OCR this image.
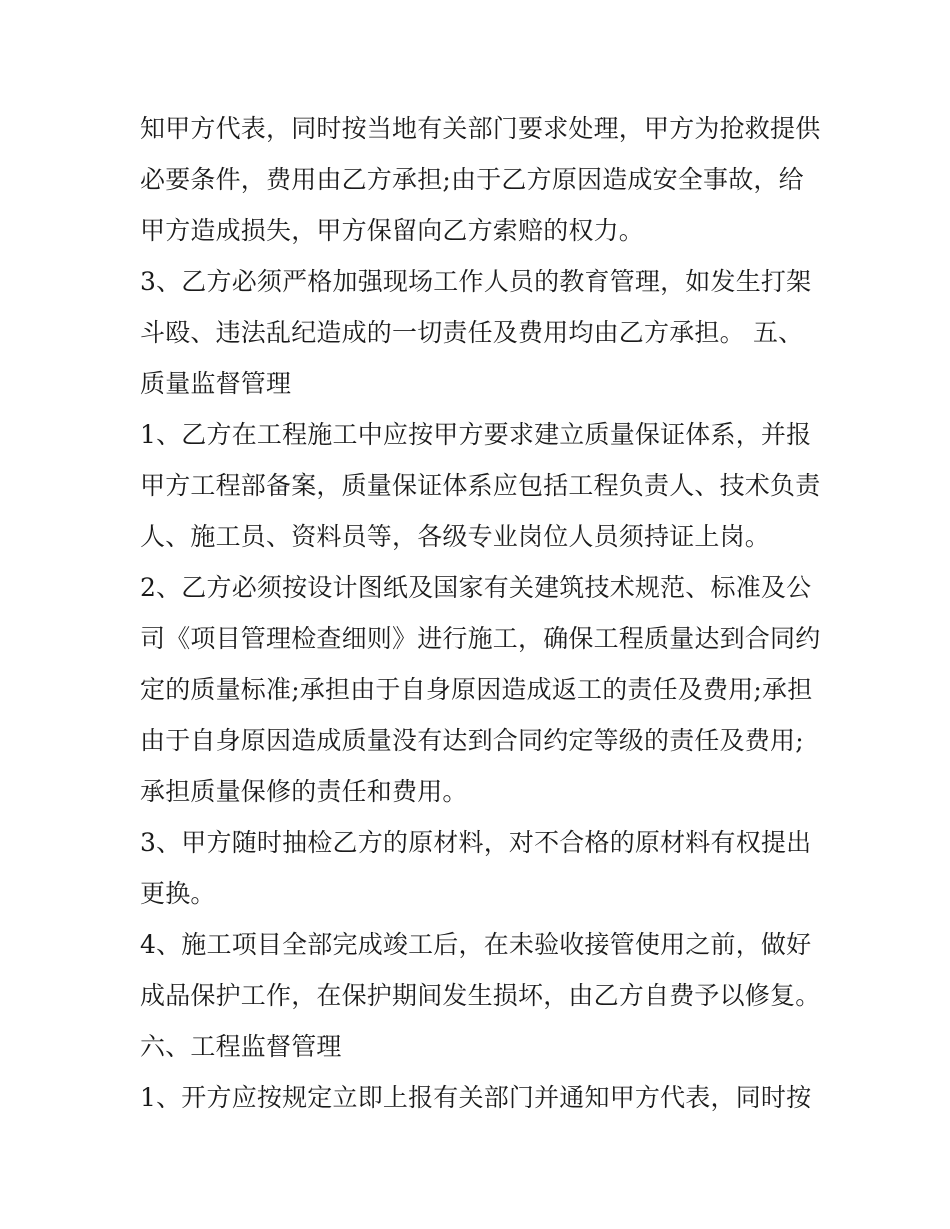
知甲方代表，同时按当地有关部门要求处理，甲方为抢救提供
必要条件，费用由乙方承担;由于乙方原因造成安全事故，给
甲方造成损失，甲方保留向乙方索赔的权力。
3、乙方必须严格加强现场工作人员的教育管理，如发生打架
斗殴、违法乱纪造成的一切责任及费用均由乙方承担。 五、
质量监督管理
1、乙方在工程施工中应按甲方要求建立质量保证体系，并报
甲方工程部备案，质量保证体系应包括工程负责人、技术负责
人、施工员、资料员等，各级专业岗位人员须持证上岗。
2、乙方必须按设计图纸及国家有关建筑技术规范、标准及公
司《项目管理检查细则》进行施工，确保工程质量达到合同约
定的质量标准;承担由于自身原因造成返工的责任及费用;承担
由于自身原因造成质量没有达到合同约定等级的责任及费用;
承担质量保修的责任和费用。
3、甲方随时抽检乙方的原材料，对不合格的原材料有权提出
更换。
4、施工项目全部完成竣工后，在未验收接管使用之前，做好
成品保护工作，在保护期间发生损坏，由乙方自费予以修复。
六、工程监督管理
1、开方应按规定立即上报有关部门并通知甲方代表，同时按
